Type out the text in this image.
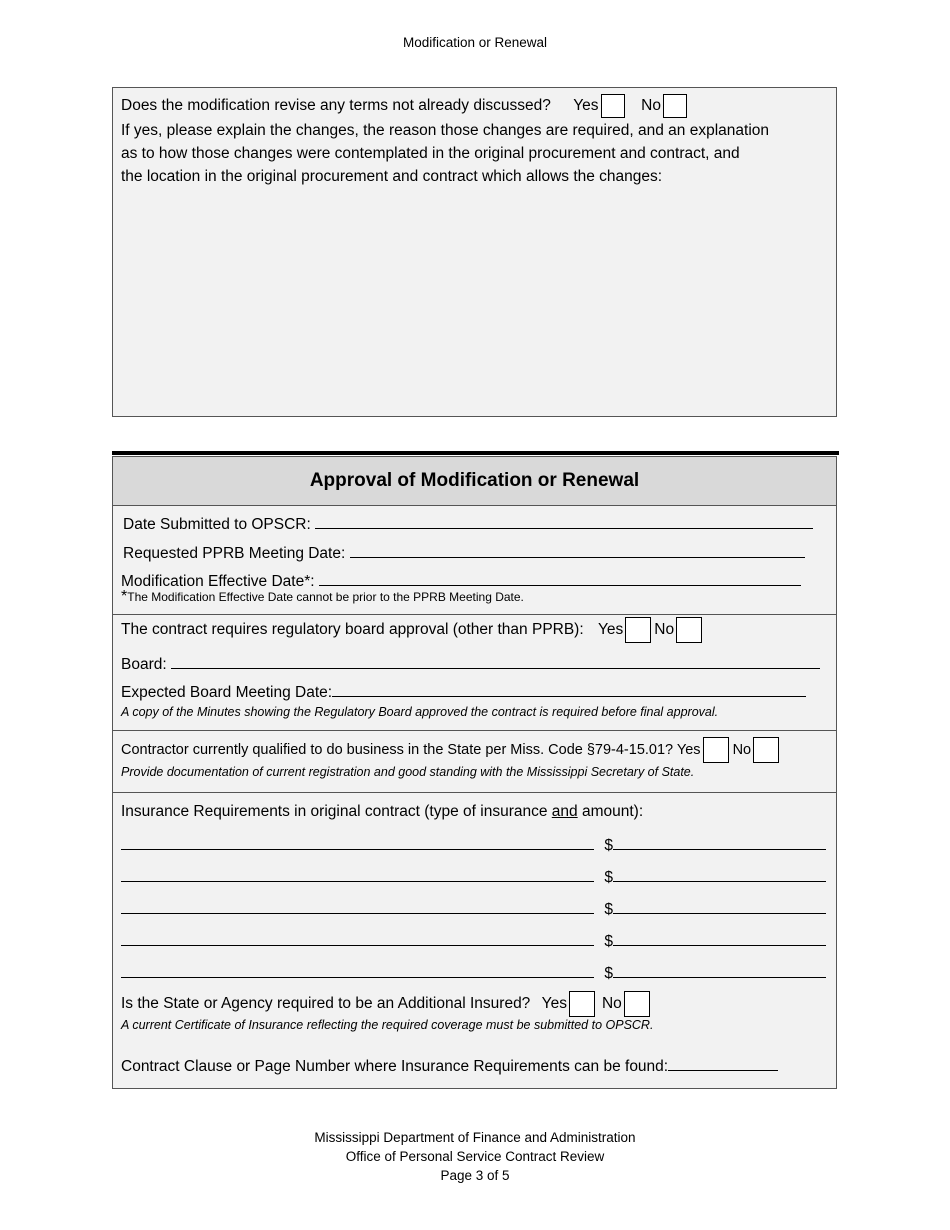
Modification or Renewal
Does the modification revise any terms not already discussed? Yes	No
If yes, please explain the changes, the reason those changes are required, and an explanation
as to how those changes were contemplated in the original procurement and contract, and
the location in the original procurement and contract which allows the changes:
Approval of Modification or Renewal
Date Submitted to OPSCR:
Requested PPRB Meeting Date:
Modification Effective Date*:
*The Modification Effective Date cannot be prior to the PPRB Meeting Date.
The contract requires regulatory board approval (other than PPRB): Yes No
Board:
Expected Board Meeting Date:
A copy of the Minutes showing the Regulatory Board approved the contract is required before final approval.
Contractor currently qualified to do business in the State per Miss. Code §79-4-15.01? Yes No
Provide documentation of current registration and good standing with the Mississippi Secretary of State.
Insurance Requirements in original contract (type of insurance and amount):
$
$
$
$
$
Is the State or Agency required to be an Additional Insured? Yes No
A current Certificate of Insurance reflecting the required coverage must be submitted to OPSCR.
Contract Clause or Page Number where Insurance Requirements can be found:
Mississippi Department of Finance and Administration
Office of Personal Service Contract Review
Page 3 of 5
